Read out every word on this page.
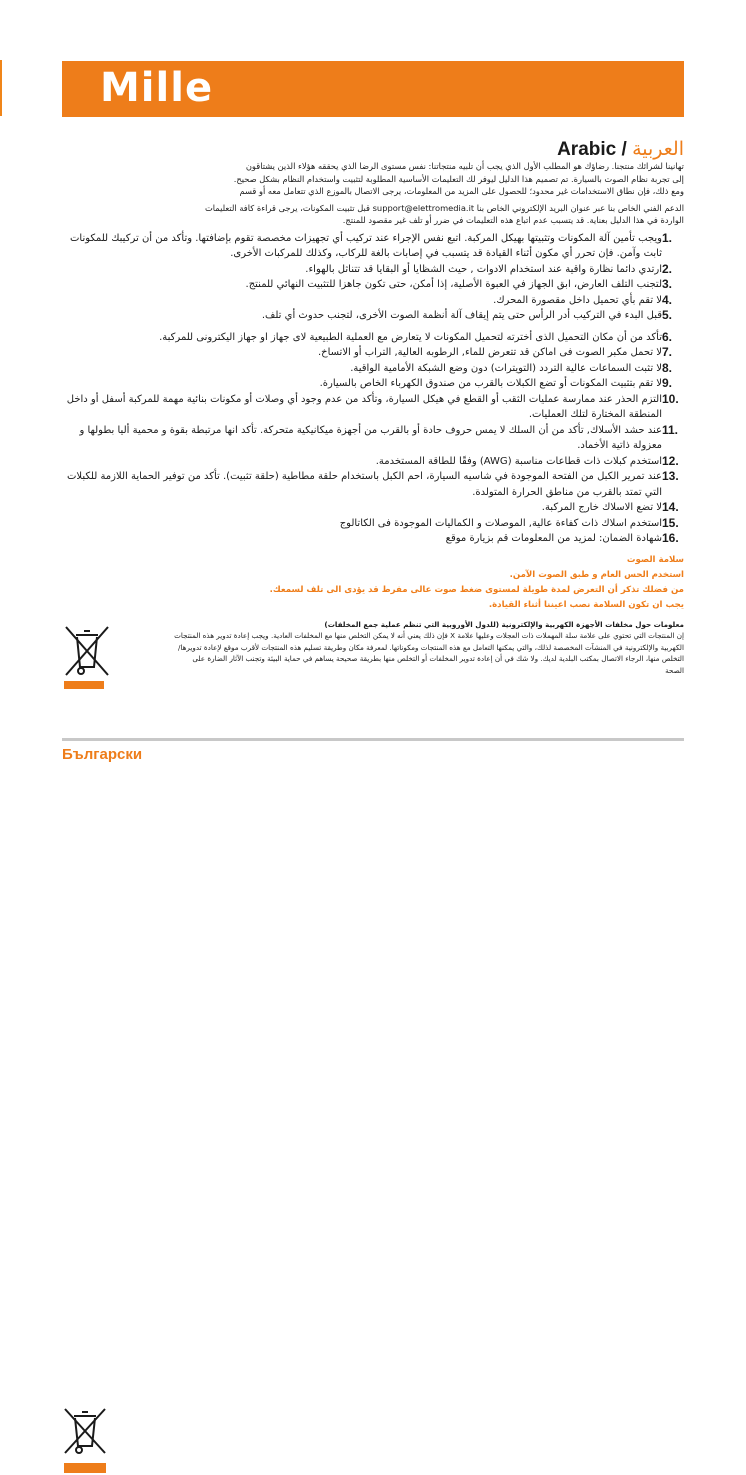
Mille
Arabic / العربية

تهانينا لشرائك منتجنا. رضاؤك هو المطلب الأول الذي يجب أن تلبيه منتجاتنا: نفس مستوى الرضا الذي يحققه هؤلاء الذين يشتاقون

إلى تجربة نظام الصوت بالسيارة. تم تصميم هذا الدليل ليوفر لك التعليمات الأساسية المطلوبة لتثبيت واستخدام النظام بشكل صحيح.

ومع ذلك، فإن نطاق الاستخدامات غير محدود؛ للحصول على المزيد من المعلومات، يرجى الاتصال بالموزع الذي تتعامل معه أو قسم

الدعم الفني الخاص بنا عبر عنوان البريد الإلكتروني الخاص بنا support@elettromedia.it قبل تثبيت المكونات، يرجى قراءة كافة التعليمات

الواردة في هذا الدليل بعناية. قد يتسبب عدم اتباع هذه التعليمات في ضرر أو تلف غير مقصود للمنتج.

1.
ويجب تأمين آلة المكونات وتثبيتها بهيكل المركبة. اتبع نفس الإجراء عند تركيب أي تجهيزات مخصصة تقوم بإضافتها. وتأكد من أن تركيبك للمكونات ثابت وآمن. فإن تحرر أي مكون أثناء القيادة قد يتسبب في إصابات بالغة للركاب، وكذلك للمركبات الأخرى.
2.
ارتدي دائما نظارة واقية عند استخدام الادوات , حيث الشظايا أو البقايا قد تتناثل بالهواء.
3.
لتجنب التلف العارض، ابق الجهاز في العبوة الأصلية، إذا أمكن، حتى تكون جاهزا للتثبيت النهائي للمنتج.
4.
لا تقم بأي تحميل داخل مقصورة المحرك.
5.
قبل البدء في التركيب أدر الرأس حتى يتم إيقاف آلة أنظمة الصوت الأخرى، لتجنب حدوث أي تلف.
6.
تأكد من أن مكان التحميل الذى أخترته لتحميل المكونات لا يتعارض مع العملية الطبيعية لاى جهاز او جهاز اليكترونى للمركبة.
7.
لا تحمل مكبر الصوت فى اماكن قد تتعرض للماء, الرطوبه العالية, التراب أو الاتساخ.
8.
لا تثبت السماعات عالية التردد (التويترات) دون وضع الشبكة الأمامية الواقية.
9.
لا تقم بتثبيت المكونات أو تضع الكبلات بالقرب من صندوق الكهرباء الخاص بالسيارة.
10.
التزم الحذر عند ممارسة عمليات الثقب أو القطع في هيكل السيارة، وتأكد من عدم وجود أي وصلات أو مكونات بنائية مهمة للمركبة أسفل أو داخل المنطقة المختارة لتلك العمليات.
11.
عند حشد الأسلاك, تأكد من أن السلك لا يمس حروف حادة أو بالقرب من أجهزة ميكانيكية متحركة. تأكد انها مرتبطة بقوة و محمية أليا بطولها و معزولة ذاتية الأخماد.
12.
استخدم كبلات ذات قطاعات مناسبة (AWG) وفقًا للطاقة المستخدمة.
13.
عند تمرير الكبل من الفتحة الموجودة في شاسيه السيارة، احم الكبل باستخدام حلقة مطاطية (حلقة تثبيت). تأكد من توفير الحماية اللازمة للكبلات التي تمتد بالقرب من مناطق الحرارة المتولدة.
14.
لا تضع الاسلاك خارج المركبة.
15.
استخدم اسلاك ذات كفاءة عالية, الموصلات و الكماليات الموجودة فى الكاتالوج
16.
شهادة الضمان: لمزيد من المعلومات قم بزيارة موقع

سلامة الصوت

استخدم الحس العام و طبق الصوت الآمن.

من فضلك تذكر أن التعرض لمدة طويلة لمستوى ضغط صوت عالى مفرط قد يؤدى الى تلف لسمعك.

يجب ان تكون السلامة نصب اعيننا أثناء القيادة.

معلومات حول مخلفات الأجهزة الكهربية والإلكترونية (للدول الأوروبية التي تنظم عملية جمع المخلفات)

إن المنتجات التي تحتوي على علامة سلة المهملات ذات العجلات وعليها علامة X فإن ذلك يعني أنه لا يمكن التخلص منها مع المخلفات العادية. ويجب إعادة تدوير هذه المنتجات

الكهربية والإلكترونية في المنشآت المخصصة لذلك، والتي يمكنها التعامل مع هذه المنتجات ومكوناتها. لمعرفة مكان وطريقة تسليم هذه المنتجات لأقرب موقع لإعادة تدويرها/

التخلص منها، الرجاء الاتصال بمكتب البلدية لديك. ولا شك في أن إعادة تدوير المخلفات أو التخلص منها بطريقة صحيحة يساهم في حماية البيئة وتجنب الآثار الضارة على

الصحة

Български
